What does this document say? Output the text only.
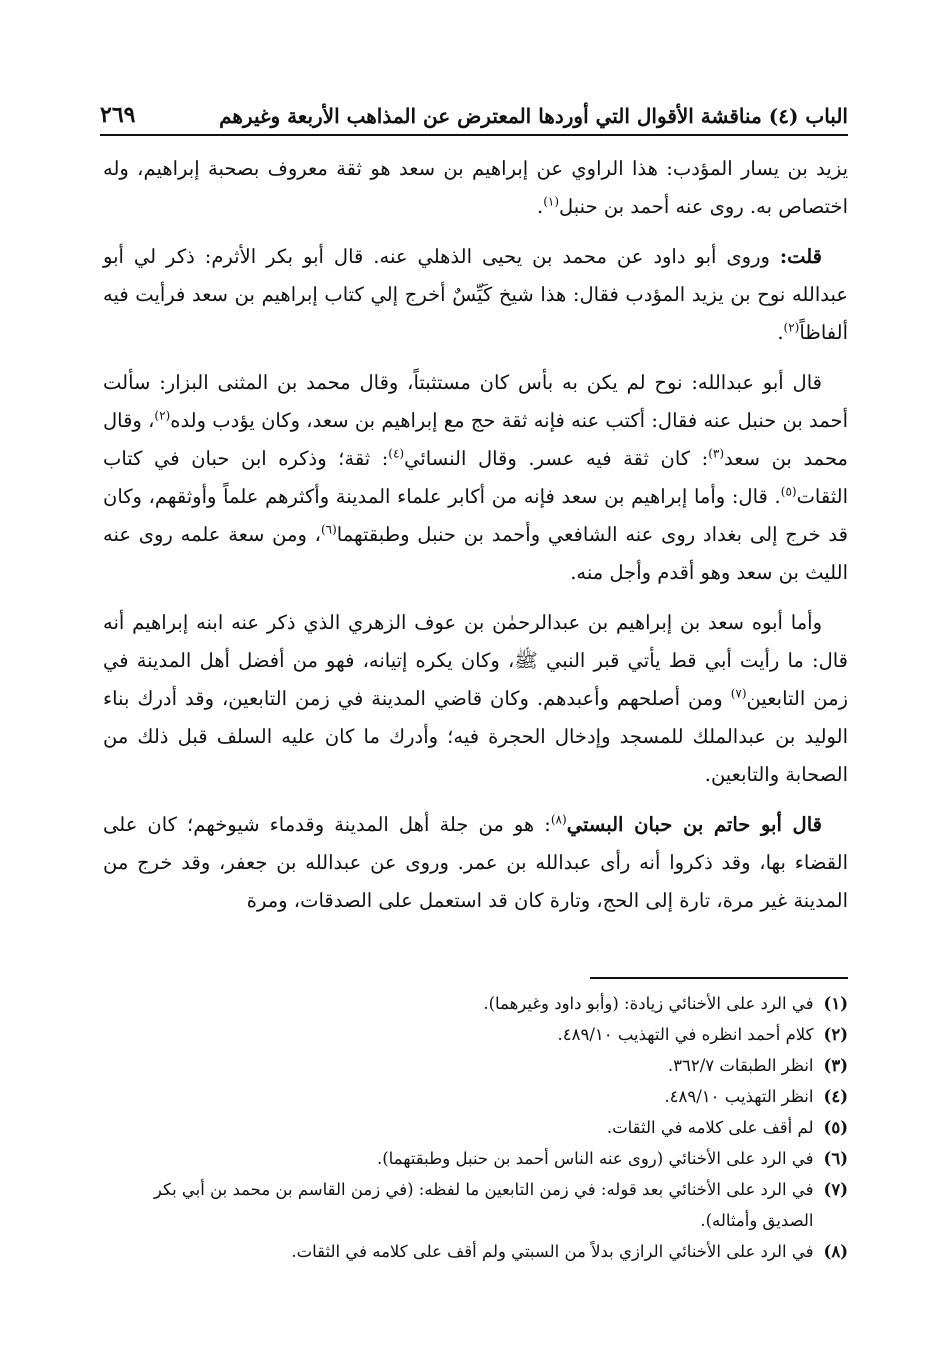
الباب (٤) مناقشة الأقوال التي أوردها المعترض عن المذاهب الأربعة وغيرهم
٢٦٩

يزيد بن يسار المؤدب: هذا الراوي عن إبراهيم بن سعد هو ثقة معروف بصحبة إبراهيم، وله اختصاص به. روى عنه أحمد بن حنبل$^{(١)}$.

قلت: وروى أبو داود عن محمد بن يحيى الذهلي عنه. قال أبو بكر الأثرم: ذكر لي أبو عبدالله نوح بن يزيد المؤدب فقال: هذا شيخ كَيِّسٌ أخرج إلي كتاب إبراهيم بن سعد فرأيت فيه ألفاظاً$^{(٢)}$.

قال أبو عبدالله: نوح لم يكن به بأس كان مستثبتاً، وقال محمد بن المثنى البزار: سألت أحمد بن حنبل عنه فقال: أكتب عنه فإنه ثقة حج مع إبراهيم بن سعد، وكان يؤدب ولده$^{(٢)}$، وقال محمد بن سعد$^{(٣)}$: كان ثقة فيه عسر. وقال النسائي$^{(٤)}$: ثقة؛ وذكره ابن حبان في كتاب الثقات$^{(٥)}$. قال: وأما إبراهيم بن سعد فإنه من أكابر علماء المدينة وأكثرهم علماً وأوثقهم، وكان قد خرج إلى بغداد روى عنه الشافعي وأحمد بن حنبل وطبقتهما$^{(٦)}$، ومن سعة علمه روى عنه الليث بن سعد وهو أقدم وأجل منه.

وأما أبوه سعد بن إبراهيم بن عبدالرحمٰن بن عوف الزهري الذي ذكر عنه ابنه إبراهيم أنه قال: ما رأيت أبي قط يأتي قبر النبي ﷺ، وكان يكره إتيانه، فهو من أفضل أهل المدينة في زمن التابعين$^{(٧)}$ ومن أصلحهم وأعبدهم. وكان قاضي المدينة في زمن التابعين، وقد أدرك بناء الوليد بن عبدالملك للمسجد وإدخال الحجرة فيه؛ وأدرك ما كان عليه السلف قبل ذلك من الصحابة والتابعين.

قال أبو حاتم بن حبان البستي$^{(٨)}$: هو من جلة أهل المدينة وقدماء شيوخهم؛ كان على القضاء بها، وقد ذكروا أنه رأى عبدالله بن عمر. وروى عن عبدالله بن جعفر، وقد خرج من المدينة غير مرة، تارة إلى الحج، وتارة كان قد استعمل على الصدقات، ومرة

(١)
في الرد على الأخنائي زيادة: (وأبو داود وغيرهما).
(٢)
كلام أحمد انظره في التهذيب ٤٨٩/١٠.
(٣)
انظر الطبقات ٣٦٢/٧.
(٤)
انظر التهذيب ٤٨٩/١٠.
(٥)
لم أقف على كلامه في الثقات.
(٦)
في الرد على الأخنائي (روى عنه الناس أحمد بن حنبل وطبقتهما).
(٧)
في الرد على الأخنائي بعد قوله: في زمن التابعين ما لفظه: (في زمن القاسم بن محمد بن أبي بكر الصديق وأمثاله).
(٨)
في الرد على الأخنائي الرازي بدلاً من السبتي ولم أقف على كلامه في الثقات.
